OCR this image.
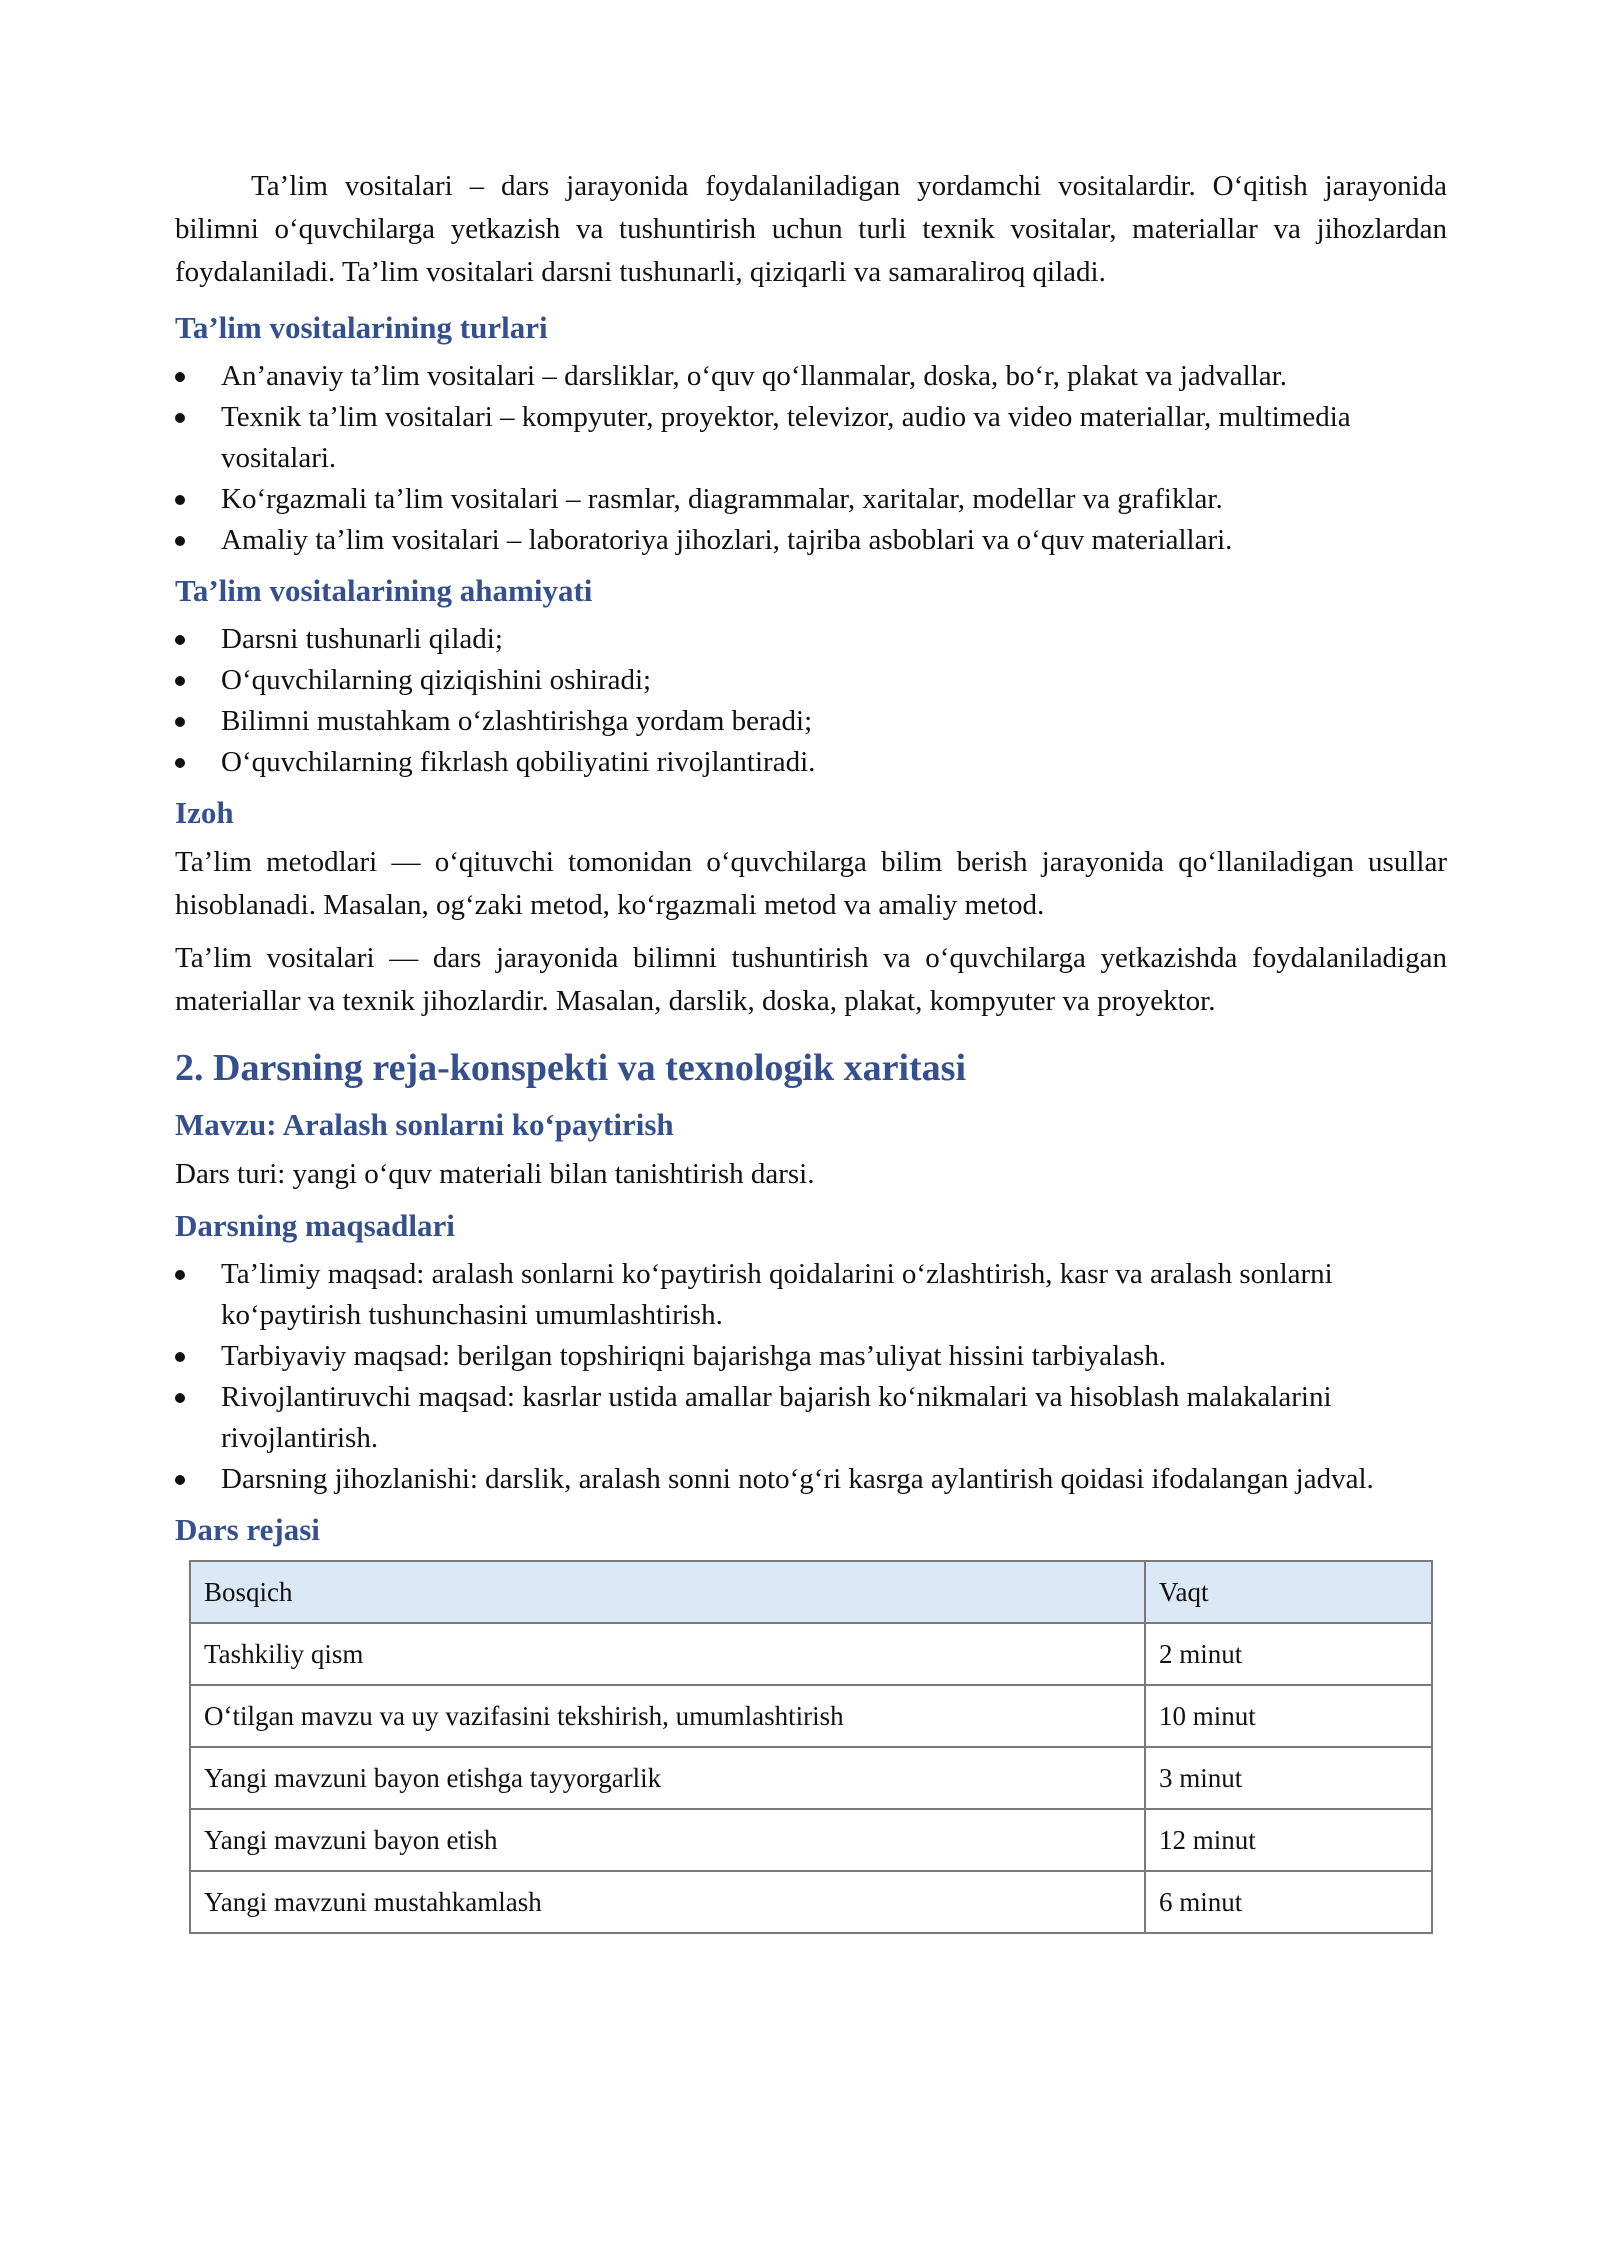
Ta’lim vositalari – dars jarayonida foydalaniladigan yordamchi vositalardir. O‘qitish jarayonida bilimni o‘quvchilarga yetkazish va tushuntirish uchun turli texnik vositalar, materiallar va jihozlardan foydalaniladi. Ta’lim vositalari darsni tushunarli, qiziqarli va samaraliroq qiladi.

Ta’lim vositalarining turlari
An’anaviy ta’lim vositalari – darsliklar, o‘quv qo‘llanmalar, doska, bo‘r, plakat va jadvallar.
Texnik ta’lim vositalari – kompyuter, proyektor, televizor, audio va video materiallar, multimedia vositalari.
Ko‘rgazmali ta’lim vositalari – rasmlar, diagrammalar, xaritalar, modellar va grafiklar.
Amaliy ta’lim vositalari – laboratoriya jihozlari, tajriba asboblari va o‘quv materiallari.
Ta’lim vositalarining ahamiyati
Darsni tushunarli qiladi;
O‘quvchilarning qiziqishini oshiradi;
Bilimni mustahkam o‘zlashtirishga yordam beradi;
O‘quvchilarning fikrlash qobiliyatini rivojlantiradi.
Izoh

Ta’lim metodlari — o‘qituvchi tomonidan o‘quvchilarga bilim berish jarayonida qo‘llaniladigan usullar hisoblanadi. Masalan, og‘zaki metod, ko‘rgazmali metod va amaliy metod.

Ta’lim vositalari — dars jarayonida bilimni tushuntirish va o‘quvchilarga yetkazishda foydalaniladigan materiallar va texnik jihozlardir. Masalan, darslik, doska, plakat, kompyuter va proyektor.

2. Darsning reja-konspekti va texnologik xaritasi
Mavzu: Aralash sonlarni ko‘paytirish

Dars turi: yangi o‘quv materiali bilan tanishtirish darsi.

Darsning maqsadlari
Ta’limiy maqsad: aralash sonlarni ko‘paytirish qoidalarini o‘zlashtirish, kasr va aralash sonlarni ko‘paytirish tushunchasini umumlashtirish.
Tarbiyaviy maqsad: berilgan topshiriqni bajarishga mas’uliyat hissini tarbiyalash.
Rivojlantiruvchi maqsad: kasrlar ustida amallar bajarish ko‘nikmalari va hisoblash malakalarini rivojlantirish.
Darsning jihozlanishi: darslik, aralash sonni noto‘g‘ri kasrga aylantirish qoidasi ifodalangan jadval.
Dars rejasi
Bosqich	Vaqt
Tashkiliy qism	2 minut
O‘tilgan mavzu va uy vazifasini tekshirish, umumlashtirish	10 minut
Yangi mavzuni bayon etishga tayyorgarlik	3 minut
Yangi mavzuni bayon etish	12 minut
Yangi mavzuni mustahkamlash	6 minut
